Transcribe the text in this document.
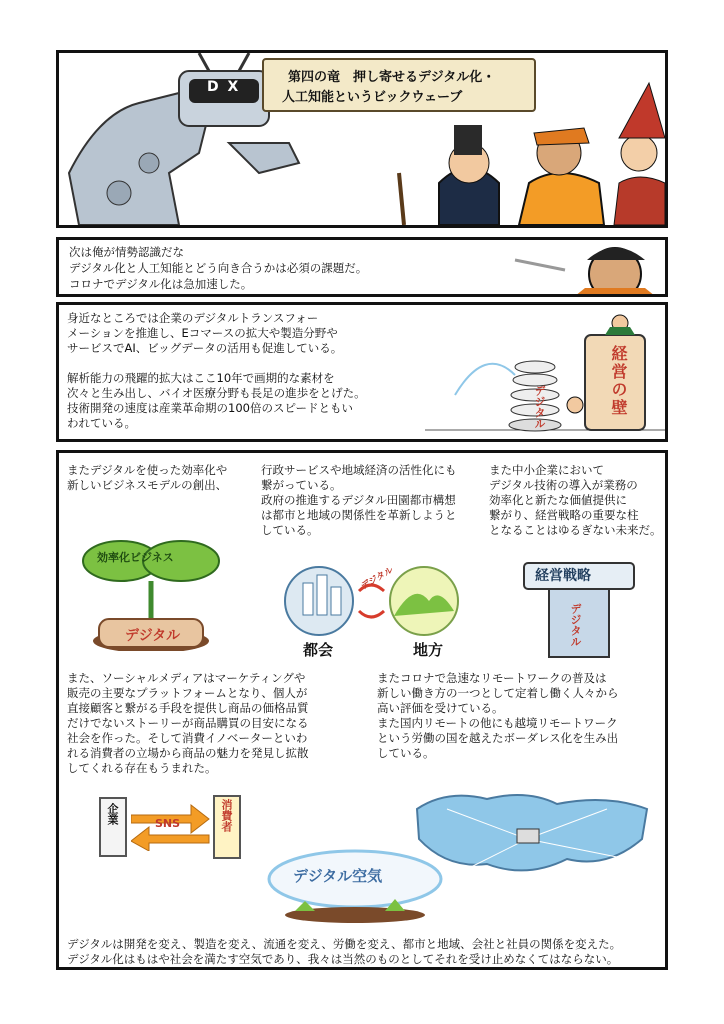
D X
第四の竜　押し寄せるデジタル化・
人工知能というビックウェーブ
次は俺が情勢認識だな
デジタル化と人工知能とどう向き合うかは必須の課題だ。
コロナでデジタル化は急加速した。
身近なところでは企業のデジタルトランスフォー
メーションを推進し、Eコマースの拡大や製造分野や
サービスでAI、ビッグデータの活用も促進している。

解析能力の飛躍的拡大はここ10年で画期的な素材を
次々と生み出し、バイオ医療分野も長足の進歩をとげた。
技術開発の速度は産業革命期の100倍のスピードともい
われている。	デジタル	経営の壁
またデジタルを使った効率化や
新しいビジネスモデルの創出、
行政サービスや地域経済の活性化にも
繋がっている。
政府の推進するデジタル田園都市構想
は都市と地域の関係性を革新しようと
している。
また中小企業において
デジタル技術の導入が業務の
効率化と新たな価値提供に
繋がり、経営戦略の重要な柱
となることはゆるぎない未来だ。
効率化ビジネス
デジタル
デジタル
都会	地方
経営戦略
デジタル
また、ソーシャルメディアはマーケティングや
販売の主要なプラットフォームとなり、個人が
直接顧客と繋がる手段を提供し商品の価格品質
だけでないストーリーが商品購買の目安になる
社会を作った。そして消費イノベーターといわ
れる消費者の立場から商品の魅力を発見し拡散
してくれる存在もうまれた。
またコロナで急速なリモートワークの普及は
新しい働き方の一つとして定着し働く人々から
高い評価を受けている。
また国内リモートの他にも越境リモートワーク
という労働の国を越えたボーダレス化を生み出
している。
企業	SNS	消費者
デジタル空気
デジタルは開発を変え、製造を変え、流通を変え、労働を変え、都市と地域、会社と社員の関係を変えた。
デジタル化はもはや社会を満たす空気であり、我々は当然のものとしてそれを受け止めなくてはならない。
